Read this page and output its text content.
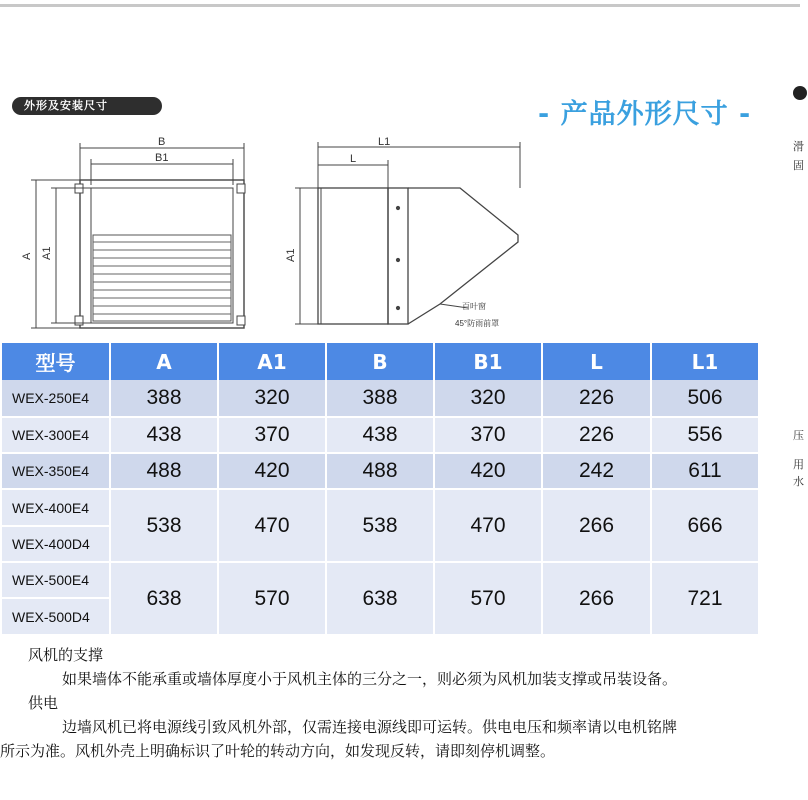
外形及安装尺寸	- 产品外形尺寸 -
滑
固
压
用
水
B
B1
A A1
L1
L
A1
百叶窗
45°防雨前罩
型号	A	A1	B	B1	L	L1
WEX-250E4	388	320	388	320	226	506
WEX-300E4	438	370	438	370	226	556
WEX-350E4	488	420	488	420	242	611
WEX-400E4	538	470	538	470	266	666
WEX-400D4						
WEX-500E4	638	570	638	570	266	721
WEX-500D4						
风机的支撑
如果墙体不能承重或墙体厚度小于风机主体的三分之一，则必须为风机加装支撑或吊装设备。
供电
边墙风机已将电源线引致风机外部，仅需连接电源线即可运转。供电电压和频率请以电机铭牌
所示为准。风机外壳上明确标识了叶轮的转动方向，如发现反转，请即刻停机调整。
